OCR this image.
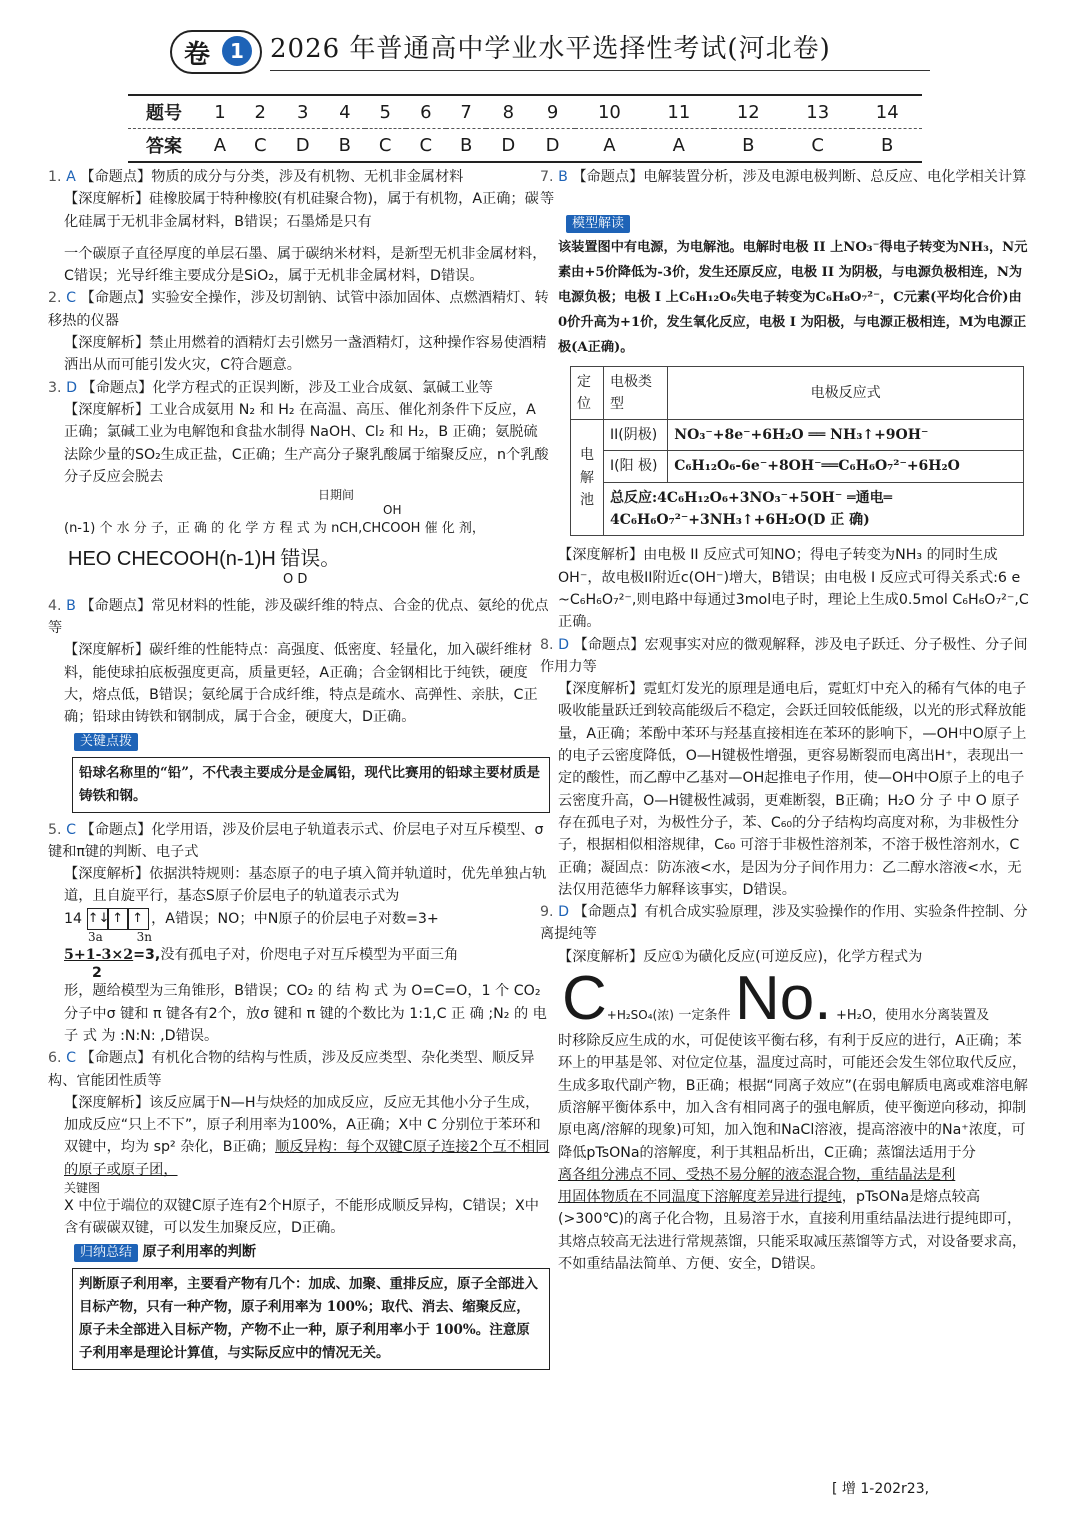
卷	1	2026 年普通高中学业水平选择性考试(河北卷)
题号	1	2	3	4	5	6	7	8	9	10	11	12	13	14
答案	A	C	D	B	C	C	B	D	D	A	A	B	C	B

1. A 【命题点】物质的成分与分类，涉及有机物、无机非金属材料

【深度解析】硅橡胶属于特种橡胶(有机硅聚合物)，属于有机物，A正确；碳化硅属于无机非金属材料，B错误；石墨烯是只有

一个碳原子直径厚度的单层石墨、属于碳纳米材料，是新型无机非金属材料，C错误；光导纤维主要成分是SiO₂，属于无机非金属材料，D错误。

2. C 【命题点】实验安全操作，涉及切割钠、试管中添加固体、点燃酒精灯、转移热的仪器

【深度解析】禁止用燃着的酒精灯去引燃另一盏酒精灯，这种操作容易使酒精洒出从而可能引发火灾，C符合题意。

3. D 【命题点】化学方程式的正误判断，涉及工业合成氨、氯碱工业等

【深度解析】工业合成氨用 N₂ 和 H₂ 在高温、高压、催化剂条件下反应，A正确；氯碱工业为电解饱和食盐水制得 NaOH、Cl₂ 和 H₂，B 正确；氨脱硫法除少量的SO₂生成正盐，C正确；生产高分子聚乳酸属于缩聚反应，n个乳酸分子反应会脱去

日期间

OH

(n-1) 个 水 分 子，正 确 的 化 学 方 程 式 为 nCH,CHCOOH 催 化 剂，

HEO CHECOOH(n-1)H 错误。

O D

4. B 【命题点】常见材料的性能，涉及碳纤维的特点、合金的优点、氨纶的优点等

【深度解析】碳纤维的性能特点：高强度、低密度、轻量化，加入碳纤维材料，能使球拍底板强度更高，质量更轻，A正确；合金钢相比于纯铁，硬度大，熔点低，B错误；氨纶属于合成纤维，特点是疏水、高弹性、亲肤，C正确；铅球由铸铁和钢制成，属于合金，硬度大，D正确。

关键点拨
铅球名称里的“铅”，不代表主要成分是金属铅，现代比赛用的铅球主要材质是铸铁和钢。

5. C 【命题点】化学用语，涉及价层电子轨道表示式、价层电子对互斥模型、σ键和π键的判断、电子式

【深度解析】依据洪特规则：基态原子的电子填入简并轨道时，优先单独占轨道，且自旋平行，基态S原子价层电子的轨道表示式为

14 ↑↓ ↑ ↑ ，A错误；NO；中N原子的价层电子对数=3+

3a	3n

5+1-3×2=3,没有孤电子对，价咫电子对互斥模型为平面三角

2

形，题给模型为三角锥形，B错误；CO₂ 的 结 构 式 为 O=C=O，1 个 CO₂ 分子中σ 键和 π 键各有2个，放σ 键和 π 键的个数比为 1:1,C 正 确 ;N₂ 的 电 子 式 为 :N:N: ,D错误。

6. C 【命题点】有机化合物的结构与性质，涉及反应类型、杂化类型、顺反异构、官能团性质等

【深度解析】该反应属于N—H与炔烃的加成反应，反应无其他小分子生成，加成反应“只上不下”，原子利用率为100%，A正确；X中 C 分别位于苯环和双键中，均为 sp² 杂化，B正确；顺反异构：每个双键C原子连接2个互不相同的原子或原子团，

关键图

X 中位于端位的双键C原子连有2个H原子，不能形成顺反异构，C错误；X中含有碳碳双键，可以发生加聚反应，D正确。

归纳总结 原子利用率的判断

判断原子利用率，主要看产物有几个：加成、加聚、重排反应，原子全部进入目标产物，只有一种产物，原子利用率为 100%；取代、消去、缩聚反应，原子未全部进入目标产物，产物不止一种，原子利用率小于 100%。注意原子利用率是理论计算值，与实际反应中的情况无关。

7. B 【命题点】电解装置分析，涉及电源电极判断、总反应、电化学相关计算等

模型解读
该装置图中有电源，为电解池。电解时电极 II 上NO₃⁻得电子转变为NH₃，N元素由+5价降低为-3价，发生还原反应，电极 II 为阴极，与电源负极相连，N为电源负极；电极 I 上C₆H₁₂O₆失电子转变为C₆H₈O₇²⁻，C元素(平均化合价)由0价升高为+1价，发生氧化反应，电极 I 为阳极，与电源正极相连，M为电源正极(A正确)。
定位	电极类型	电极反应式
电解池	II(阴极)	NO₃⁻+8e⁻+6H₂O ══ NH₃↑+9OH⁻
	I(阳 极)	C₆H₁₂O₆-6e⁻+8OH⁻══C₆H₆O₇²⁻+6H₂O
	总反应:4C₆H₁₂O₆+3NO₃⁻+5OH⁻ ═通电═ 4C₆H₆O₇²⁻+3NH₃↑+6H₂O(D 正 确)	

【深度解析】由电极 II 反应式可知NO；得电子转变为NH₃ 的同时生成OH⁻，故电极II附近c(OH⁻)增大，B错误；由电极 I 反应式可得关系式:6 e ~C₆H₆O₇²⁻,则电路中每通过3mol电子时，理论上生成0.5mol C₆H₆O₇²⁻,C正确。

8. D 【命题点】宏观事实对应的微观解释，涉及电子跃迁、分子极性、分子间作用力等

【深度解析】霓虹灯发光的原理是通电后，霓虹灯中充入的稀有气体的电子吸收能量跃迁到较高能级后不稳定，会跃迁回较低能级，以光的形式释放能量，A正确；苯酚中苯环与羟基直接相连在苯环的影响下，—OH中O原子上的电子云密度降低，O—H键极性增强，更容易断裂而电离出H⁺，表现出一定的酸性，而乙醇中乙基对—OH起推电子作用，使—OH中O原子上的电子云密度升高，O—H键极性减弱，更难断裂，B正确；H₂O 分 子 中 O 原子存在孤电子对，为极性分子，苯、C₆₀的分子结构均高度对称，为非极性分子，根据相似相溶规律，C₆₀ 可溶于非极性溶剂苯，不溶于极性溶剂水，C正确；凝固点：防冻液<水，是因为分子间作用力：乙二醇水溶液<水，无法仅用范德华力解释该事实，D错误。

9. D 【命题点】有机合成实验原理，涉及实验操作的作用、实验条件控制、分离提纯等

【深度解析】反应①为磺化反应(可逆反应)，化学方程式为

C+H₂SO₄(浓) 一定条件 No. +H₂O，使用水分离装置及

时移除反应生成的水，可促使该平衡右移，有利于反应的进行，A正确；苯环上的甲基是邻、对位定位基，温度过高时，可能还会发生邻位取代反应，生成多取代副产物，B正确；根据“同离子效应”(在弱电解质电离或难溶电解质溶解平衡体系中，加入含有相同离子的强电解质，使平衡逆向移动，抑制原电离/溶解的现象)可知，加入饱和NaCl溶液，提高溶液中的Na⁺浓度，可降低pTsONa的溶解度，利于其粗品析出，C正确；蒸馏法适用于分

离各组分沸点不同、受热不易分解的液态混合物，重结晶法是利
用固体物质在不同温度下溶解度差异进行提纯，pTsONa是熔点较高(>300℃)的离子化合物，且易溶于水，直接利用重结晶法进行提纯即可，其熔点较高无法进行常规蒸馏，只能采取减压蒸馏等方式，对设备要求高，不如重结晶法简单、方便、安全，D错误。

[ 增 1-202r23,
